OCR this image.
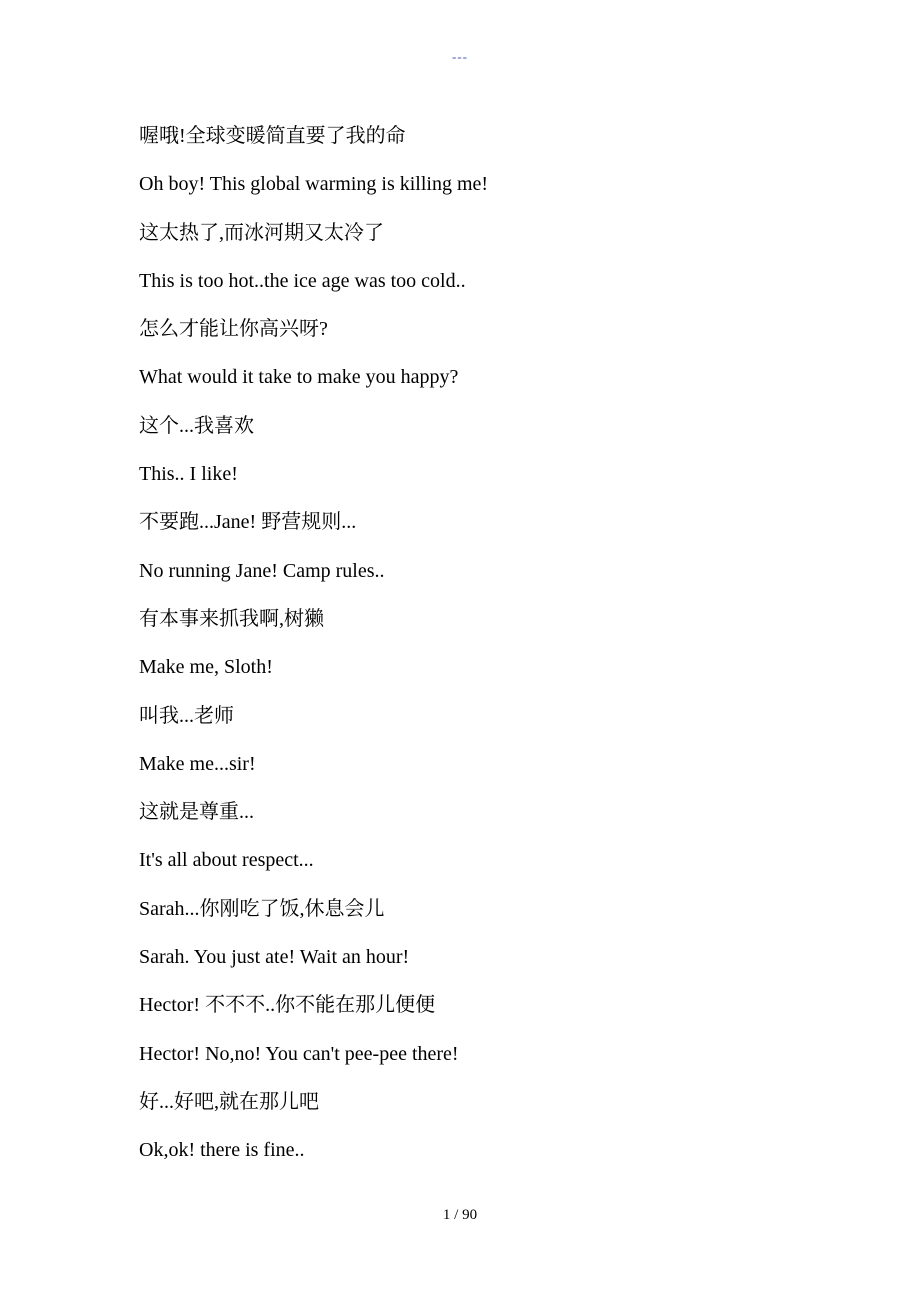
---
喔哦!全球变暖简直要了我的命
Oh boy! This global warming is killing me!
这太热了,而冰河期又太冷了
This is too hot..the ice age was too cold..
怎么才能让你高兴呀?
What would it take to make you happy?
这个...我喜欢
This.. I like!
不要跑...Jane! 野营规则...
No running Jane! Camp rules..
有本事来抓我啊,树獭
Make me, Sloth!
叫我...老师
Make me...sir!
这就是尊重...
It's all about respect...
Sarah...你刚吃了饭,休息会儿
Sarah. You just ate! Wait an hour!
Hector! 不不不..你不能在那儿便便
Hector! No,no! You can't pee-pee there!
好...好吧,就在那儿吧
Ok,ok! there is fine..
1 / 90
